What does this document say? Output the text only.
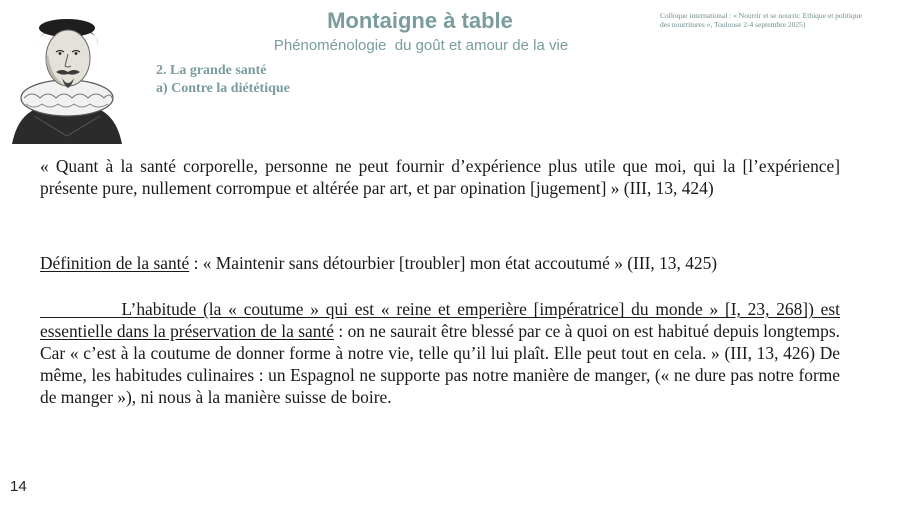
Montaigne à table
Phénoménologie  du goût et amour de la vie
Colloque international : « Nourrir et se nourrir. Ethique et politique
des nourritures », Toulouse 2-4 septembre 2025)
2. La grande santé
a) Contre la diététique
« Quant à la santé corporelle, personne ne peut fournir d’expérience plus utile que moi, qui la [l’expérience] présente pure, nullement corrompue et altérée par art, et par opination [jugement] » (III, 13, 424)
Définition de la santé : « Maintenir sans détourbier [troubler] mon état accoutumé » (III, 13, 425)
L’habitude (la « coutume » qui est « reine et emperière [impératrice] du monde » [I, 23, 268]) est essentielle dans la préservation de la santé : on ne saurait être blessé par ce à quoi on est habitué depuis longtemps. Car « c’est à la coutume de donner forme à notre vie, telle qu’il lui plaît. Elle peut tout en cela. » (III, 13, 426) De même, les habitudes culinaires : un Espagnol ne supporte pas notre manière de manger, (« ne dure pas notre forme de manger »), ni nous à la manière suisse de boire.
14
